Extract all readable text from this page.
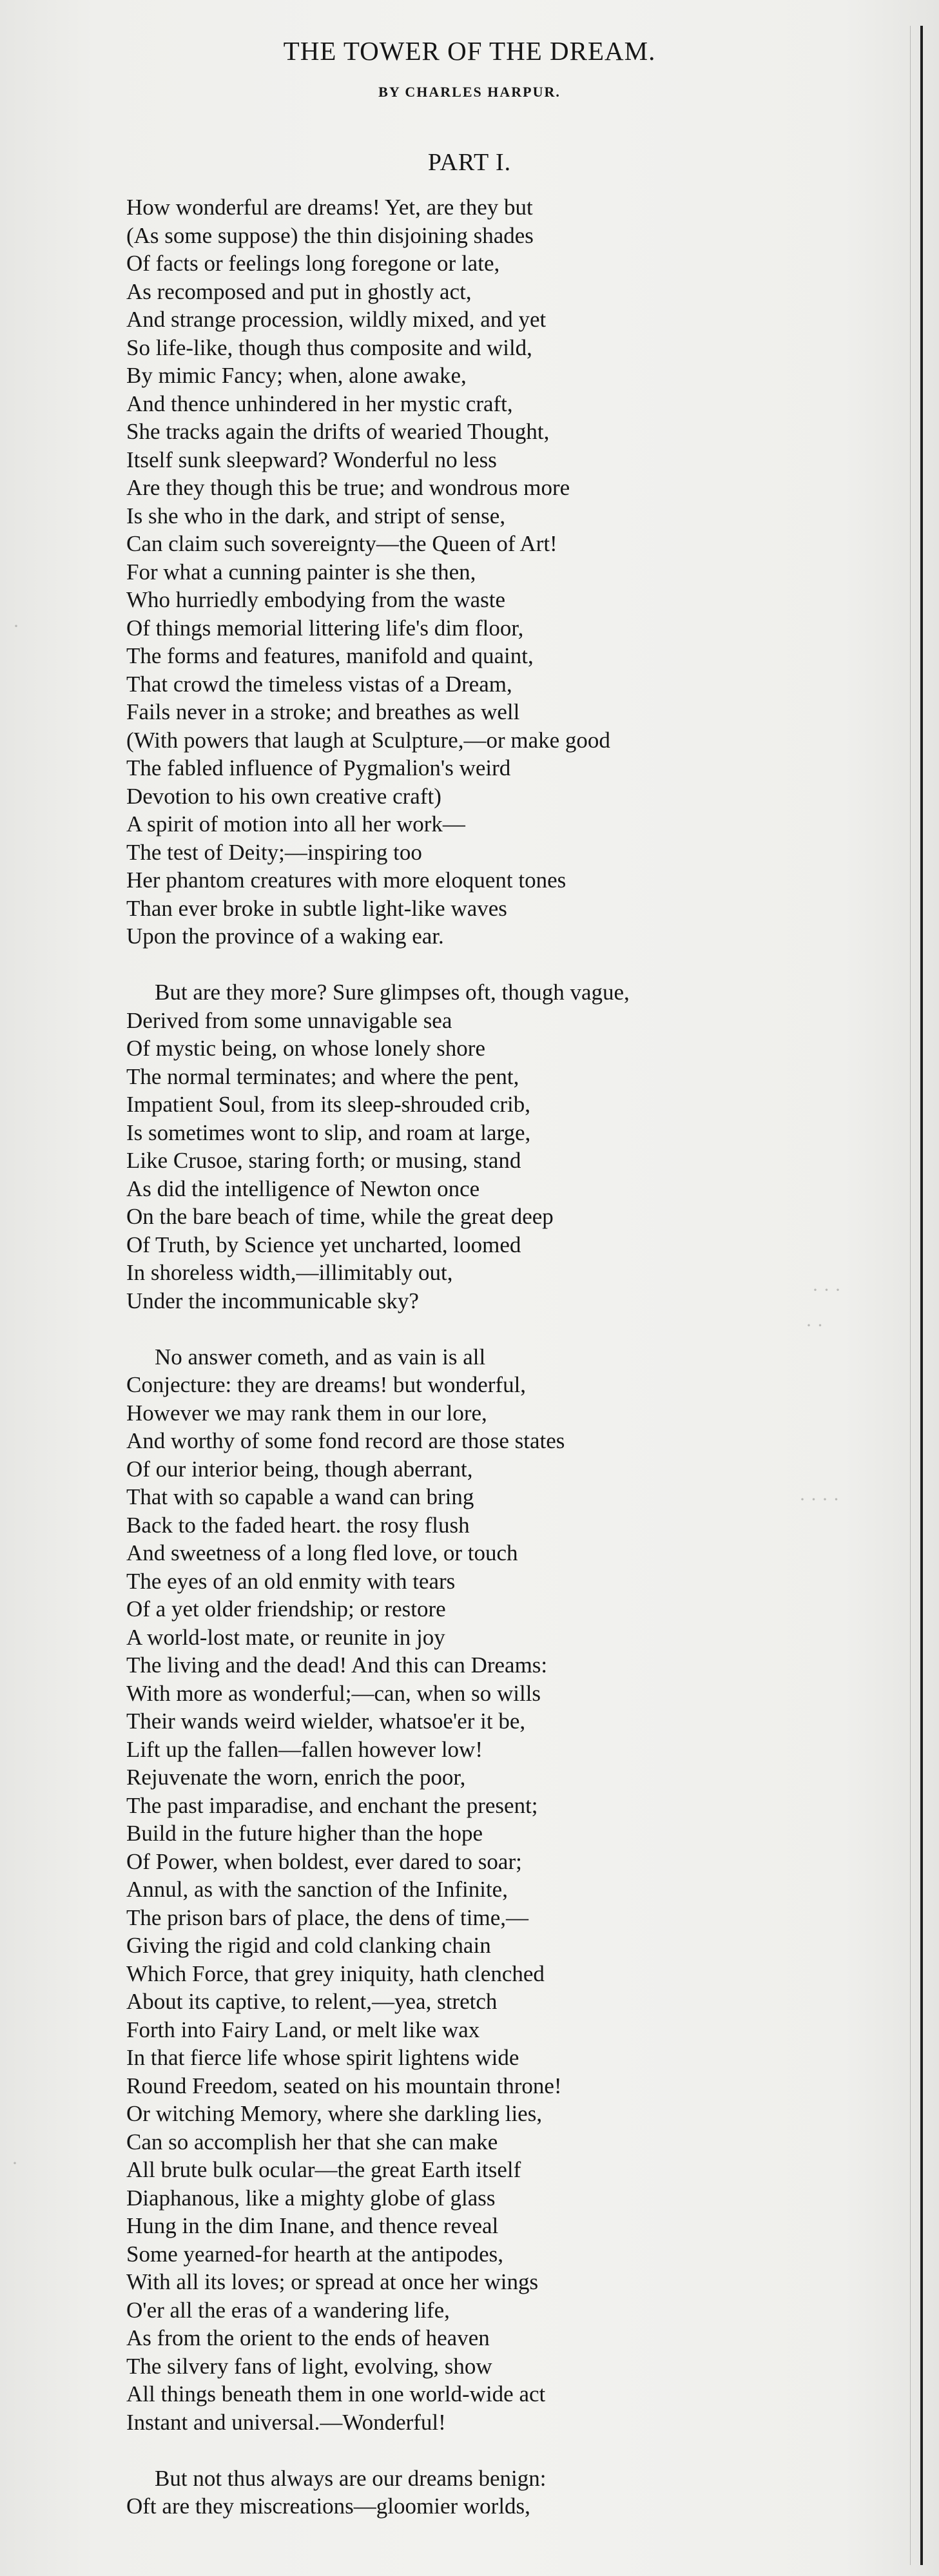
· · ·
· ·
· · · ·
·
·
THE TOWER OF THE DREAM.
BY CHARLES HARPUR.
PART I.
How wonderful are dreams! Yet, are they but
(As some suppose) the thin disjoining shades
Of facts or feelings long foregone or late,
As recomposed and put in ghostly act,
And strange procession, wildly mixed, and yet
So life-like, though thus composite and wild,
By mimic Fancy; when, alone awake,
And thence unhindered in her mystic craft,
She tracks again the drifts of wearied Thought,
Itself sunk sleepward? Wonderful no less
Are they though this be true; and wondrous more
Is she who in the dark, and stript of sense,
Can claim such sovereignty—the Queen of Art!
For what a cunning painter is she then,
Who hurriedly embodying from the waste
Of things memorial littering life's dim floor,
The forms and features, manifold and quaint,
That crowd the timeless vistas of a Dream,
Fails never in a stroke; and breathes as well
(With powers that laugh at Sculpture,—or make good
The fabled influence of Pygmalion's weird
Devotion to his own creative craft)
A spirit of motion into all her work—
The test of Deity;—inspiring too
Her phantom creatures with more eloquent tones
Than ever broke in subtle light-like waves
Upon the province of a waking ear.
But are they more? Sure glimpses oft, though vague,
Derived from some unnavigable sea
Of mystic being, on whose lonely shore
The normal terminates; and where the pent,
Impatient Soul, from its sleep-shrouded crib,
Is sometimes wont to slip, and roam at large,
Like Crusoe, staring forth; or musing, stand
As did the intelligence of Newton once
On the bare beach of time, while the great deep
Of Truth, by Science yet uncharted, loomed
In shoreless width,—illimitably out,
Under the incommunicable sky?
No answer cometh, and as vain is all
Conjecture: they are dreams! but wonderful,
However we may rank them in our lore,
And worthy of some fond record are those states
Of our interior being, though aberrant,
That with so capable a wand can bring
Back to the faded heart. the rosy flush
And sweetness of a long fled love, or touch
The eyes of an old enmity with tears
Of a yet older friendship; or restore
A world-lost mate, or reunite in joy
The living and the dead! And this can Dreams:
With more as wonderful;—can, when so wills
Their wands weird wielder, whatsoe'er it be,
Lift up the fallen—fallen however low!
Rejuvenate the worn, enrich the poor,
The past imparadise, and enchant the present;
Build in the future higher than the hope
Of Power, when boldest, ever dared to soar;
Annul, as with the sanction of the Infinite,
The prison bars of place, the dens of time,—
Giving the rigid and cold clanking chain
Which Force, that grey iniquity, hath clenched
About its captive, to relent,—yea, stretch
Forth into Fairy Land, or melt like wax
In that fierce life whose spirit lightens wide
Round Freedom, seated on his mountain throne!
Or witching Memory, where she darkling lies,
Can so accomplish her that she can make
All brute bulk ocular—the great Earth itself
Diaphanous, like a mighty globe of glass
Hung in the dim Inane, and thence reveal
Some yearned-for hearth at the antipodes,
With all its loves; or spread at once her wings
O'er all the eras of a wandering life,
As from the orient to the ends of heaven
The silvery fans of light, evolving, show
All things beneath them in one world-wide act
Instant and universal.—Wonderful!
But not thus always are our dreams benign:
Oft are they miscreations—gloomier worlds,
